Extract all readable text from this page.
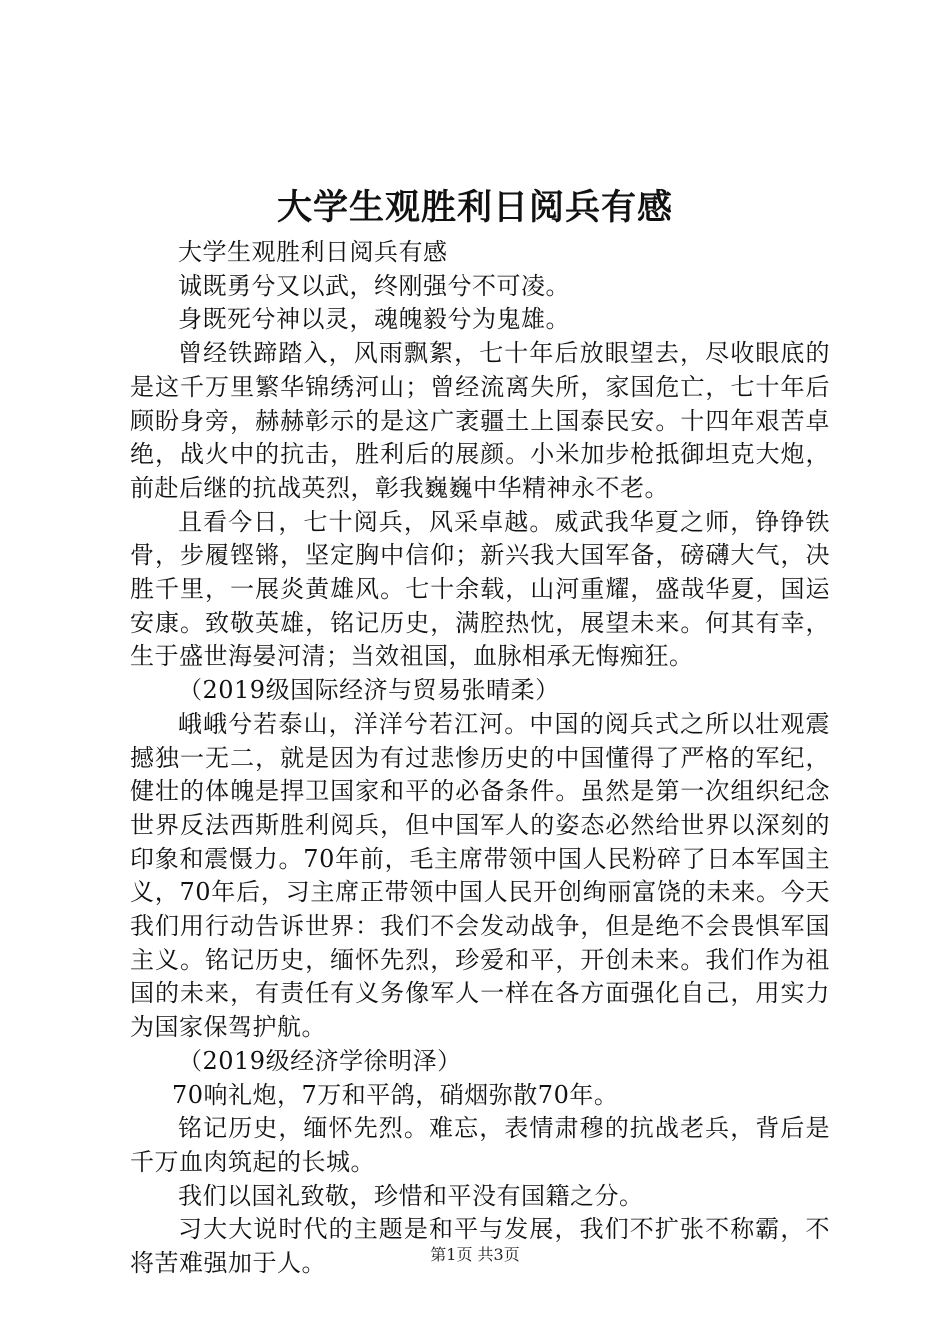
大学生观胜利日阅兵有感

大学生观胜利日阅兵有感

诚既勇兮又以武，终刚强兮不可凌。

身既死兮神以灵，魂魄毅兮为鬼雄。

曾经铁蹄踏入，风雨飘絮，七十年后放眼望去，尽收眼底的是这千万里繁华锦绣河山；曾经流离失所，家国危亡，七十年后顾盼身旁，赫赫彰示的是这广袤疆土上国泰民安。十四年艰苦卓绝，战火中的抗击，胜利后的展颜。小米加步枪抵御坦克大炮，前赴后继的抗战英烈，彰我巍巍中华精神永不老。

且看今日，七十阅兵，风采卓越。威武我华夏之师，铮铮铁骨，步履铿锵，坚定胸中信仰；新兴我大国军备，磅礴大气，决胜千里，一展炎黄雄风。七十余载，山河重耀，盛哉华夏，国运安康。致敬英雄，铭记历史，满腔热忱，展望未来。何其有幸，生于盛世海晏河清；当效祖国，血脉相承无悔痴狂。

（2019级国际经济与贸易张晴柔）

峨峨兮若泰山，洋洋兮若江河。中国的阅兵式之所以壮观震撼独一无二，就是因为有过悲惨历史的中国懂得了严格的军纪，健壮的体魄是捍卫国家和平的必备条件。虽然是第一次组织纪念世界反法西斯胜利阅兵，但中国军人的姿态必然给世界以深刻的印象和震慑力。70年前，毛主席带领中国人民粉碎了日本军国主义，70年后，习主席正带领中国人民开创绚丽富饶的未来。今天我们用行动告诉世界：我们不会发动战争，但是绝不会畏惧军国主义。铭记历史，缅怀先烈，珍爱和平，开创未来。我们作为祖国的未来，有责任有义务像军人一样在各方面强化自己，用实力为国家保驾护航。

（2019级经济学徐明泽）

70响礼炮，7万和平鸽，硝烟弥散70年。

铭记历史，缅怀先烈。难忘，表情肃穆的抗战老兵，背后是千万血肉筑起的长城。

我们以国礼致敬，珍惜和平没有国籍之分。

习大大说时代的主题是和平与发展，我们不扩张不称霸，不将苦难强加于人。	第1页 共3页
